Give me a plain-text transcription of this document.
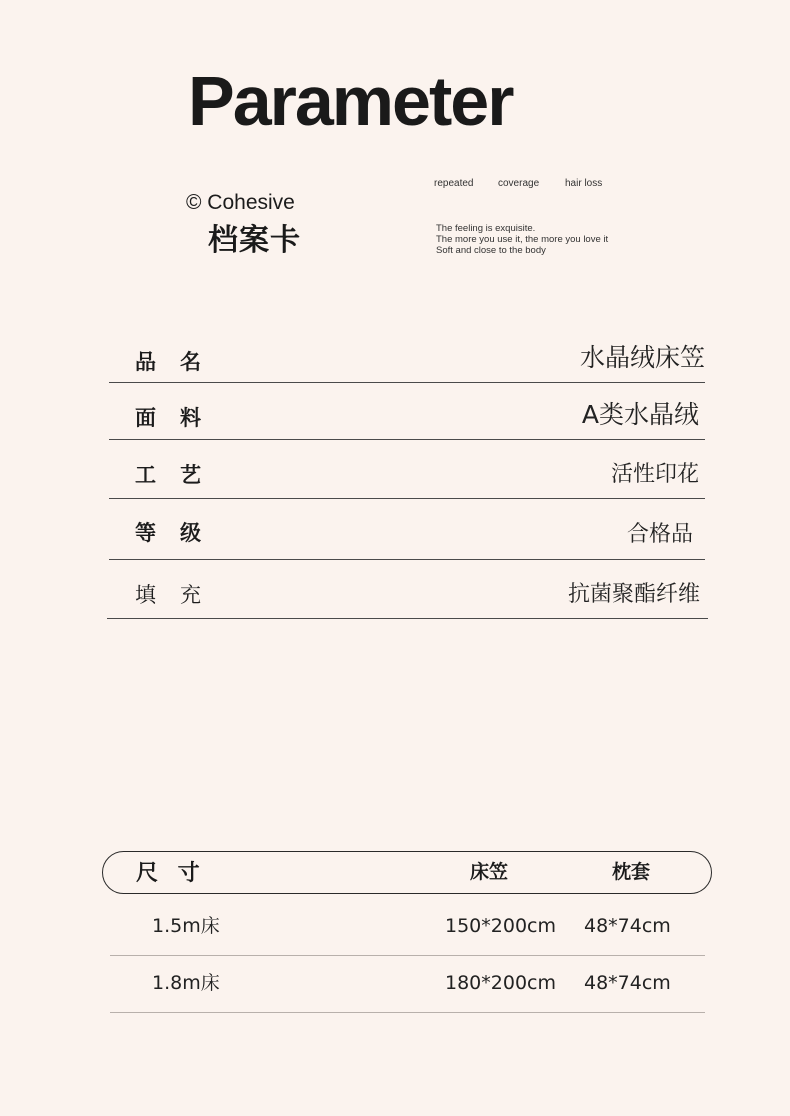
Parameter
© Cohesive
档案卡
repeated coverage	hair loss
The feeling is exquisite.
The more you use it, the more you love it
Soft and close to the body
品名	水晶绒床笠
面料	A类水晶绒
工艺	活性印花
等级	合格品
填充	抗菌聚酯纤维
尺 寸	床笠	枕套
1.5m床	150*200cm 48*74cm
1.8m床	180*200cm 48*74cm
